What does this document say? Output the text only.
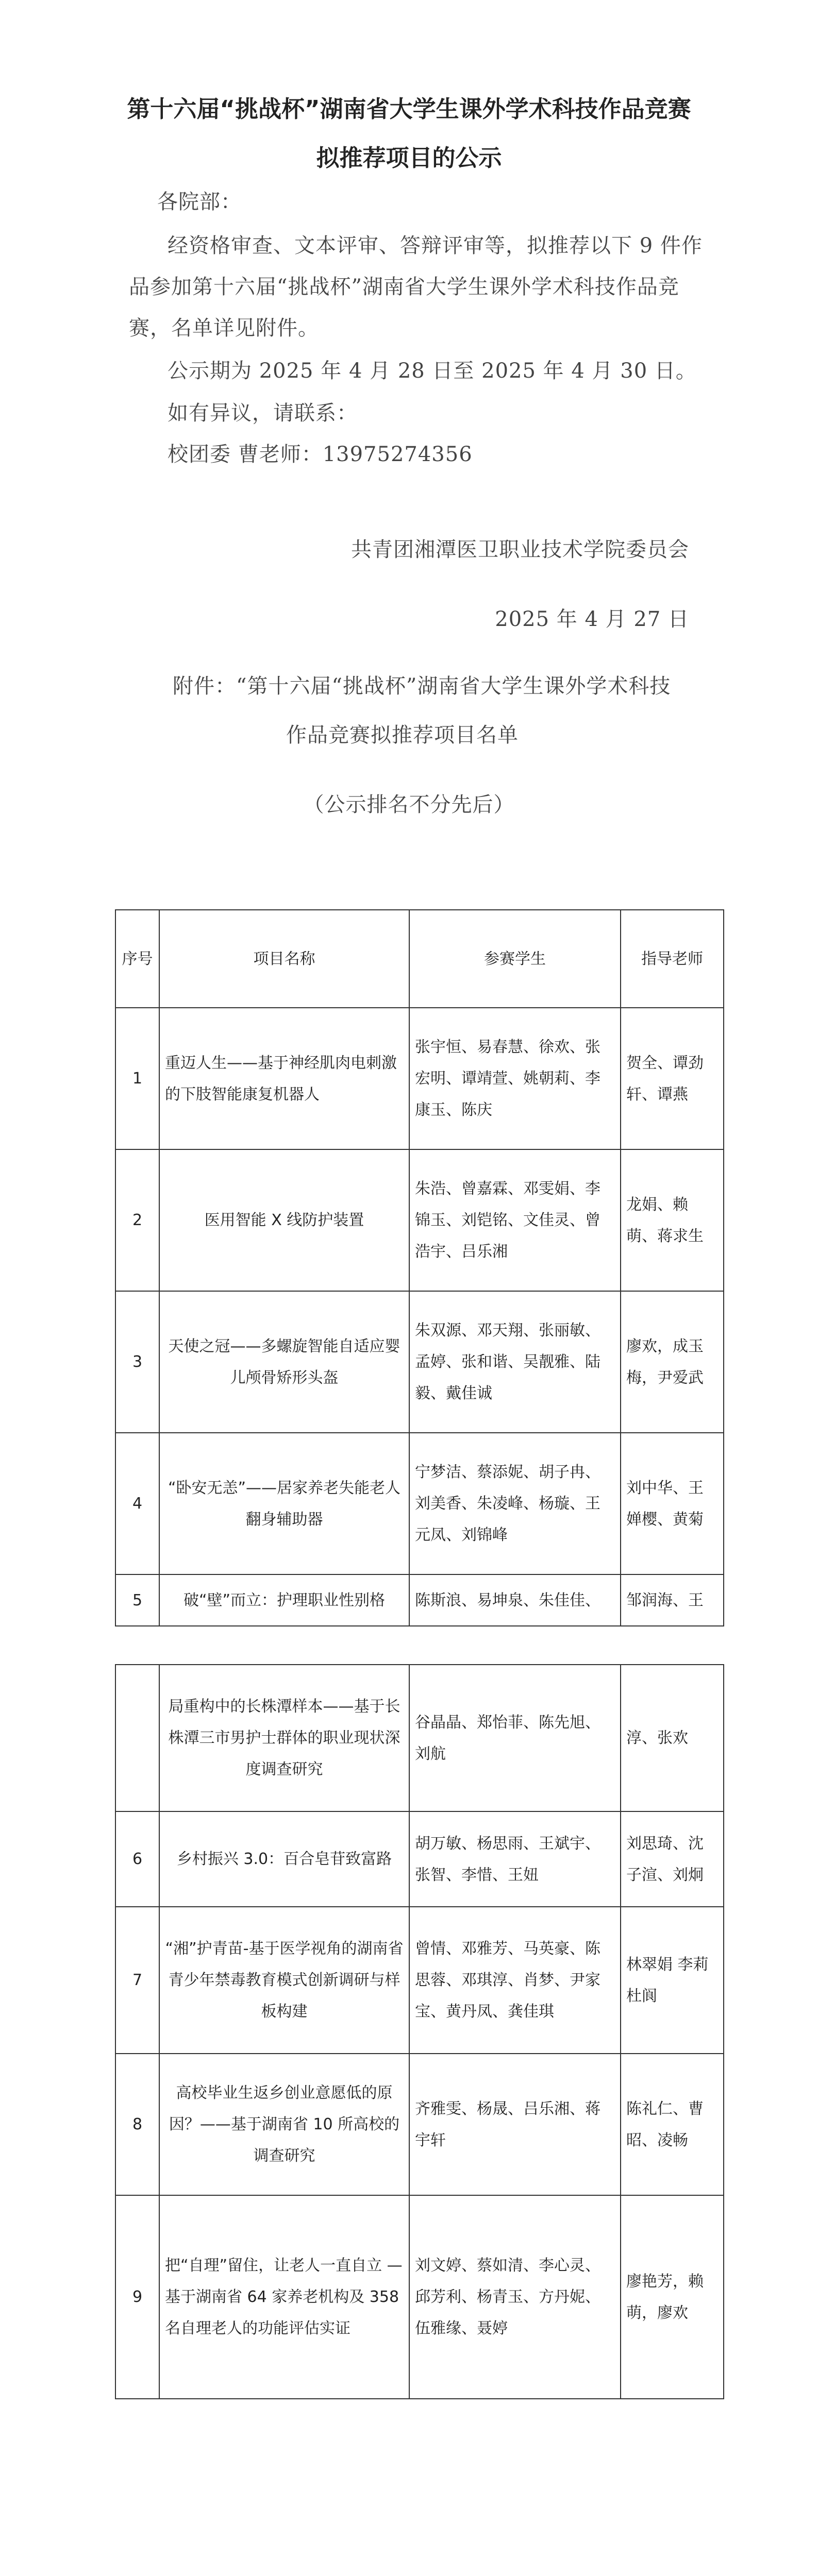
第十六届“挑战杯”湖南省大学生课外学术科技作品竞赛
拟推荐项目的公示

各院部：

经资格审查、文本评审、答辩评审等，拟推荐以下 9 件作

品参加第十六届“挑战杯”湖南省大学生课外学术科技作品竞

赛，名单详见附件。

公示期为 2025 年 4 月 28 日至 2025 年 4 月 30 日。

如有异议，请联系：

校团委 曹老师：13975274356

共青团湘潭医卫职业技术学院委员会

2025 年 4 月 27 日

附件：“第十六届“挑战杯”湖南省大学生课外学术科技

作品竞赛拟推荐项目名单

（公示排名不分先后）

序号	项目名称	参赛学生	指导老师
1	重迈人生——基于神经肌肉电刺激的下肢智能康复机器人	张宇恒、易春慧、徐欢、张宏明、谭靖萱、姚朝莉、李康玉、陈庆	贺全、谭劲轩、谭燕
2	医用智能 X 线防护装置	朱浩、曾嘉霖、邓雯娟、李锦玉、刘铠铭、文佳灵、曾浩宇、吕乐湘	龙娟、赖萌、蒋求生
3	天使之冠——多螺旋智能自适应婴儿颅骨矫形头盔	朱双源、邓天翔、张丽敏、孟婷、张和谐、吴靓雅、陆毅、戴佳诚	廖欢，成玉梅，尹爱武
4	“卧安无恙”——居家养老失能老人翻身辅助器	宁梦洁、蔡添妮、胡子冉、刘美香、朱凌峰、杨璇、王元凤、刘锦峰	刘中华、王婵樱、黄菊
5	破“壁”而立：护理职业性别格	陈斯浪、易坤泉、朱佳佳、	邹润海、王
	局重构中的长株潭样本——基于长株潭三市男护士群体的职业现状深度调查研究	谷晶晶、郑怡菲、陈先旭、刘航	淳、张欢
6	乡村振兴 3.0：百合皂苷致富路	胡万敏、杨思雨、王斌宇、张智、李惜、王妞	刘思琦、沈子渲、刘炯
7	“湘”护青苗-基于医学视角的湖南省青少年禁毒教育模式创新调研与样板构建	曾情、邓雅芳、马英豪、陈思蓉、邓琪淳、肖梦、尹家宝、黄丹凤、龚佳琪	林翠娟 李莉 杜阆
8	高校毕业生返乡创业意愿低的原因？——基于湖南省 10 所高校的调查研究	齐雅雯、杨晟、吕乐湘、蒋宇轩	陈礼仁、曹昭、凌畅
9	把“自理”留住，让老人一直自立 —基于湖南省 64 家养老机构及 358 名自理老人的功能评估实证	刘文婷、蔡如清、李心灵、邱芳利、杨青玉、方丹妮、伍雅缘、聂婷	廖艳芳，赖萌，廖欢
